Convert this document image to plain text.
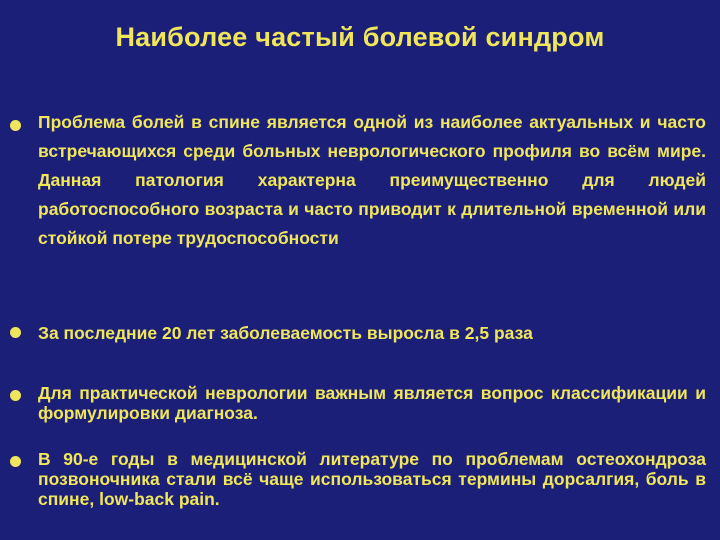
Наиболее частый болевой синдром
Проблема болей в спине является одной из наиболее актуальных и часто встречающихся среди больных неврологического профиля во всём мире. Данная патология характерна преимущественно для людей работоспособного возраста и часто приводит к длительной временной или стойкой потере трудоспособности
За последние 20 лет заболеваемость выросла в 2,5 раза
Для практической неврологии важным является вопрос классификации и формулировки диагноза.
В 90-е годы в медицинской литературе по проблемам остеохондроза позвоночника стали всё чаще использоваться термины дорсалгия, боль в спине, low-back pain.
